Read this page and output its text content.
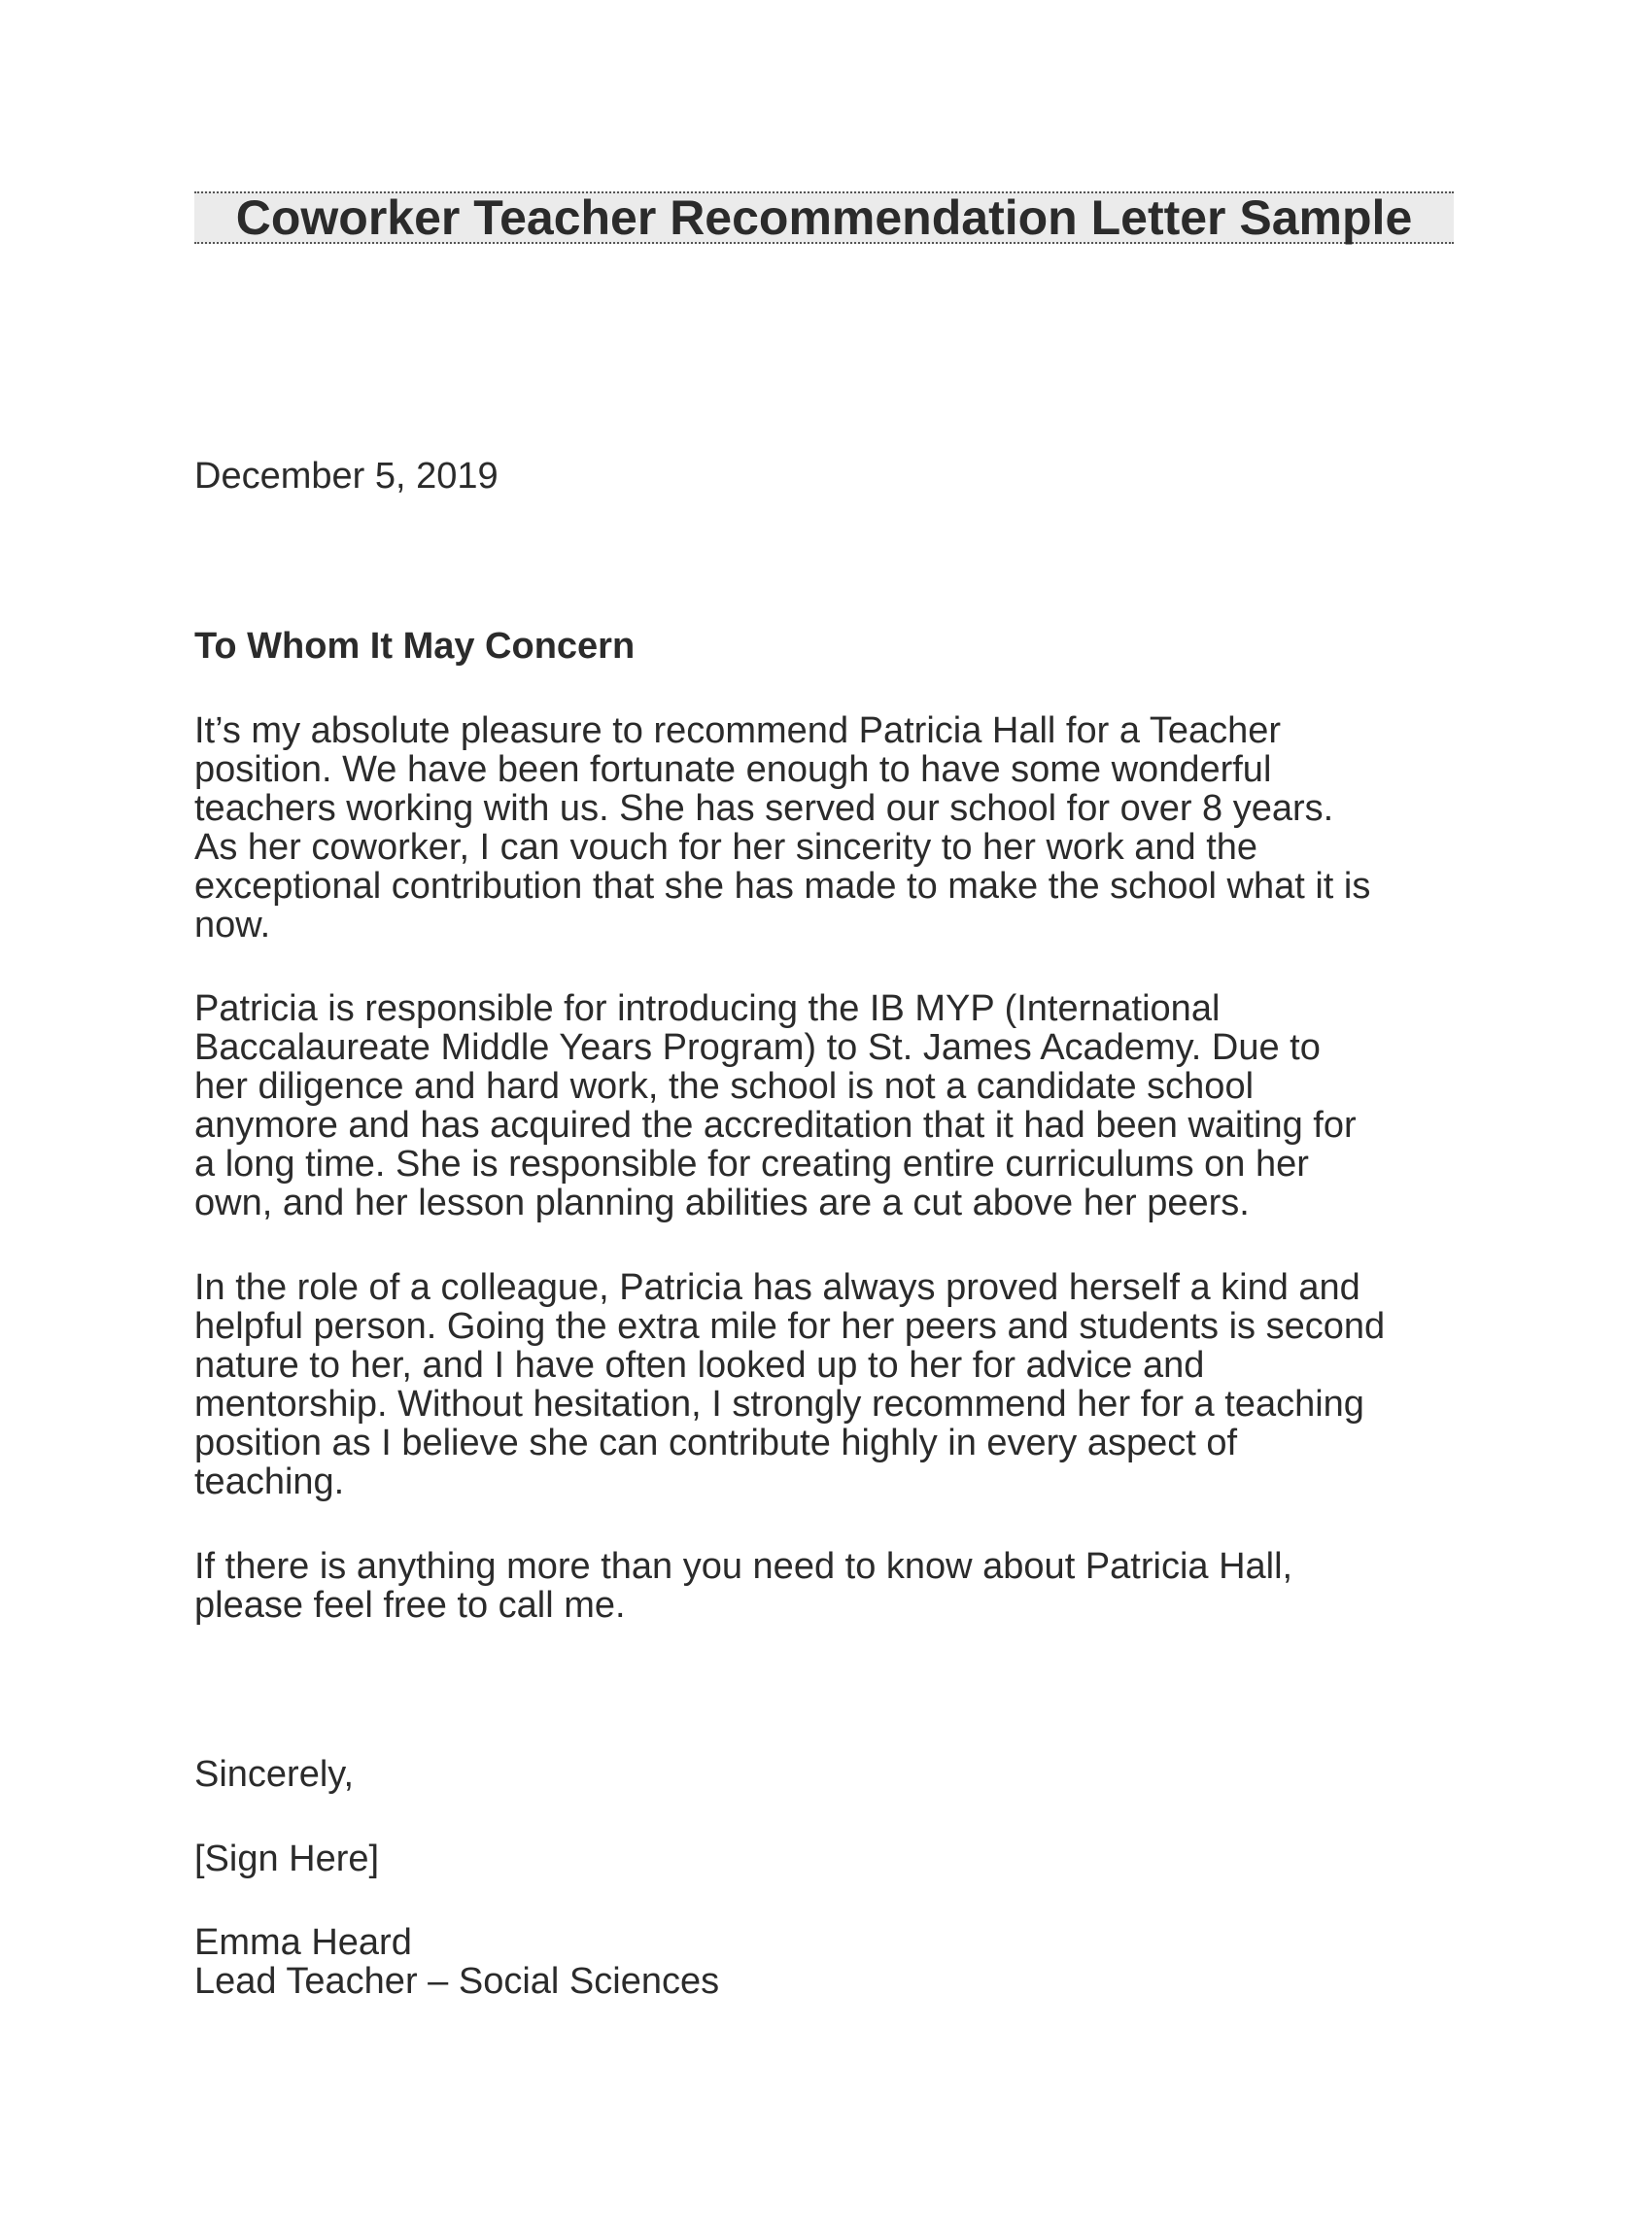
Coworker Teacher Recommendation Letter Sample
December 5, 2019
To Whom It May Concern
It’s my absolute pleasure to recommend Patricia Hall for a Teacher
position. We have been fortunate enough to have some wonderful
teachers working with us. She has served our school for over 8 years.
As her coworker, I can vouch for her sincerity to her work and the
exceptional contribution that she has made to make the school what it is
now.
Patricia is responsible for introducing the IB MYP (International
Baccalaureate Middle Years Program) to St. James Academy. Due to
her diligence and hard work, the school is not a candidate school
anymore and has acquired the accreditation that it had been waiting for
a long time. She is responsible for creating entire curriculums on her
own, and her lesson planning abilities are a cut above her peers.
In the role of a colleague, Patricia has always proved herself a kind and
helpful person. Going the extra mile for her peers and students is second
nature to her, and I have often looked up to her for advice and
mentorship. Without hesitation, I strongly recommend her for a teaching
position as I believe she can contribute highly in every aspect of
teaching.
If there is anything more than you need to know about Patricia Hall,
please feel free to call me.
Sincerely,
[Sign Here]
Emma Heard
Lead Teacher – Social Sciences
